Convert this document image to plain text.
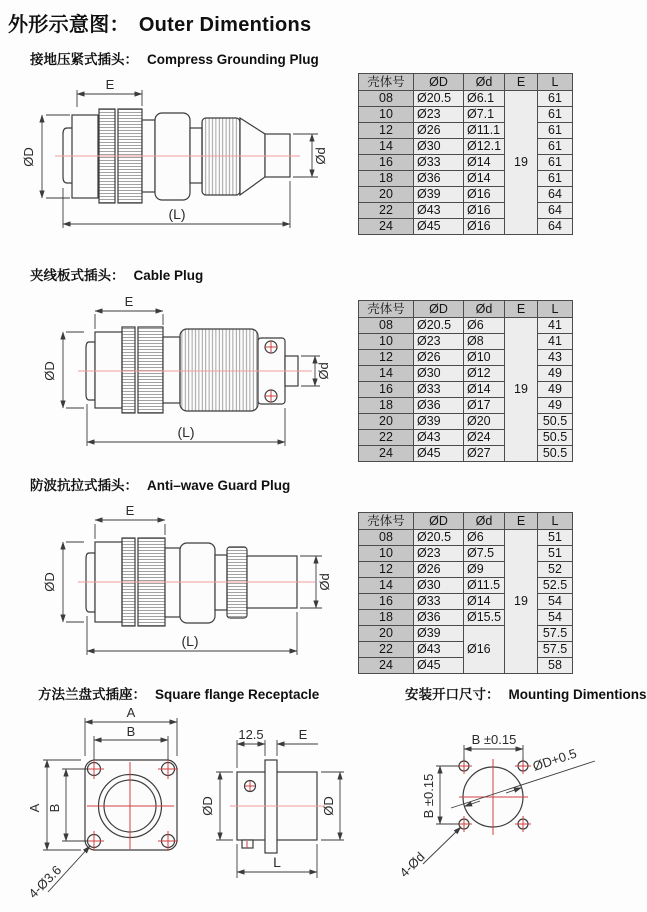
外形示意图： Outer Dimentions
接地压紧式插头： Compress Grounding Plug
E
ØD	Ød
(L)
壳体号	ØD	Ød	E	L
08	Ø20.5	Ø6.1	19	61
10	Ø23	Ø7.1		61
12	Ø26	Ø11.1		61
14	Ø30	Ø12.1		61
16	Ø33	Ø14		61
18	Ø36	Ø14		61
20	Ø39	Ø16		64
22	Ø43	Ø16		64
24	Ø45	Ø16		64
夹线板式插头： Cable Plug
E
ØD	Ød
(L)
壳体号	ØD	Ød	E	L
08	Ø20.5	Ø6	19	41
10	Ø23	Ø8		41
12	Ø26	Ø10		43
14	Ø30	Ø12		49
16	Ø33	Ø14		49
18	Ø36	Ø17		49
20	Ø39	Ø20		50.5
22	Ø43	Ø24		50.5
24	Ø45	Ø27		50.5
防波抗拉式插头： Anti–wave Guard Plug
E
ØD	Ød
(L)
壳体号	ØD	Ød	E	L
08	Ø20.5	Ø6	19	51
10	Ø23	Ø7.5		51
12	Ø26	Ø9		52
14	Ø30	Ø11.5		52.5
16	Ø33	Ø14		54
18	Ø36	Ø15.5		54
20	Ø39	Ø16		57.5
22	Ø43			57.5
24	Ø45			58
方法兰盘式插座： Square flange Receptacle	安装开口尺寸： Mounting Dimentions
A
B
A B
4-Ø3.6
12.5	E
ØD	ØD
L
B ±0.15
B ±0.15
ØD+0.5
4-Ød
